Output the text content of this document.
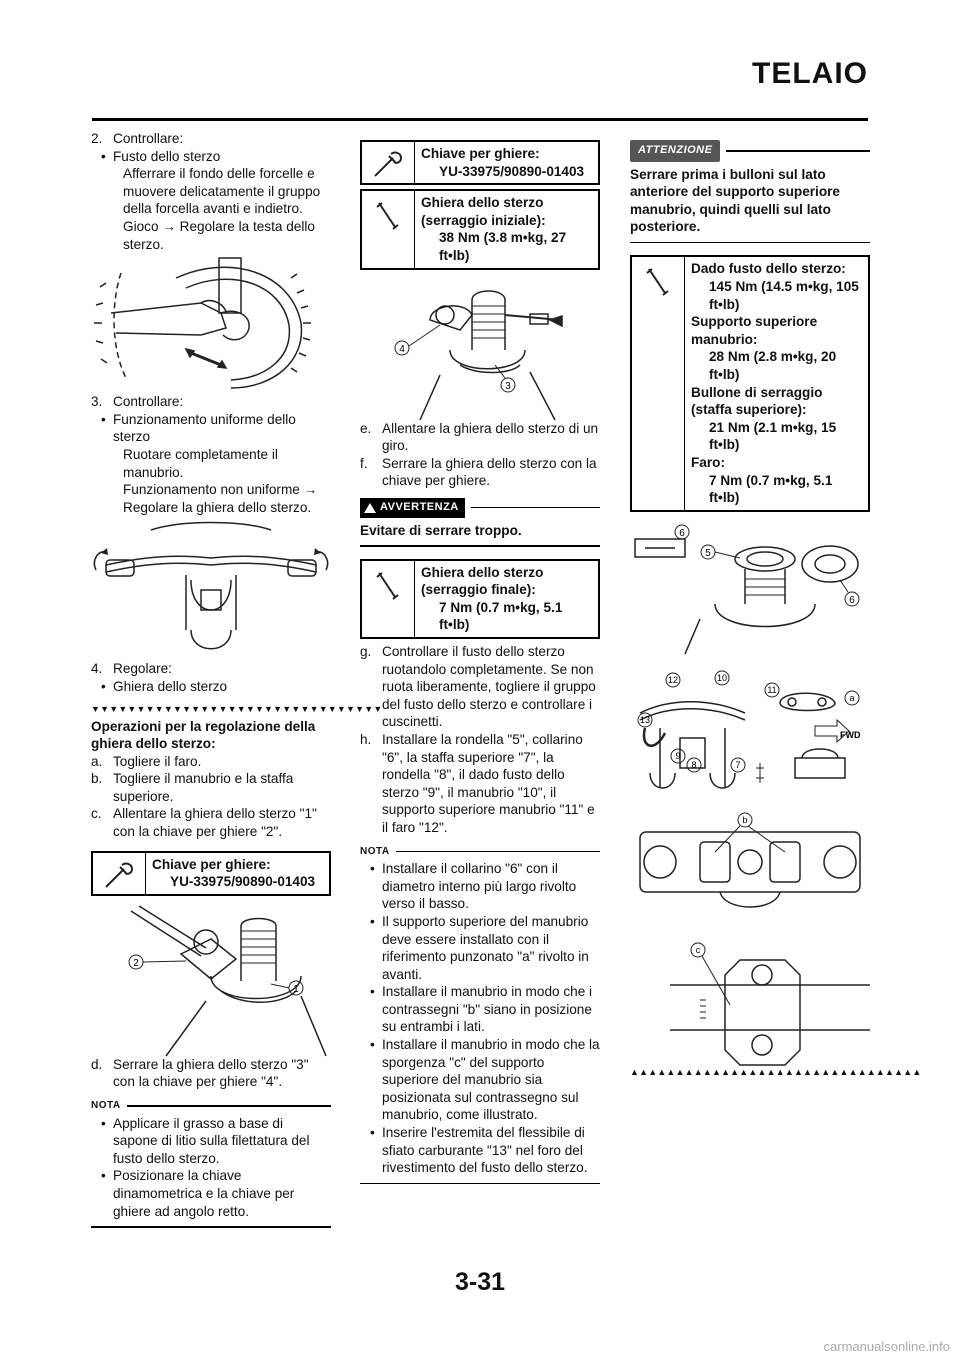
TELAIO
2. Controllare:
• Fusto dello sterzo

Afferrare il fondo delle forcelle e muovere delicatamente il gruppo della forcella avanti e indietro.

Gioco → Regolare la testa dello sterzo.

3. Controllare:
• Funzionamento uniforme dello sterzo

Ruotare completamente il manubrio.

Funzionamento non uniforme → Regolare la ghiera dello sterzo.

4. Regolare:
• Ghiera dello sterzo
▼▼▼▼▼▼▼▼▼▼▼▼▼▼▼▼▼▼▼▼▼▼▼▼▼▼▼▼▼▼▼▼

Operazioni per la regolazione della ghiera dello sterzo:

a. Togliere il faro.
b. Togliere il manubrio e la staffa superiore.
c. Allentare la ghiera dello sterzo "1" con la chiave per ghiere "2".

Chiave per ghiere:

YU-33975/90890-01403

2
1
d. Serrare la ghiera dello sterzo "3" con la chiave per ghiere "4".
NOTA
• Applicare il grasso a base di sapone di litio sulla filettatura del fusto dello sterzo.
• Posizionare la chiave dinamometrica e la chiave per ghiere ad angolo retto.

Chiave per ghiere:

YU-33975/90890-01403

Ghiera dello sterzo (serraggio iniziale):

38 Nm (3.8 m•kg, 27 ft•lb)

4
3
e. Allentare la ghiera dello sterzo di un giro.
f.	Serrare la ghiera dello sterzo con la chiave per ghiere.
AVVERTENZA

Evitare di serrare troppo.

Ghiera dello sterzo (serraggio finale):

7 Nm (0.7 m•kg, 5.1 ft•lb)

g. Controllare il fusto dello sterzo ruotandolo completamente. Se non ruota liberamente, togliere il gruppo del fusto dello sterzo e controllare i cuscinetti.
h. Installare la rondella "5", collarino "6", la staffa superiore "7", la rondella "8", il dado fusto dello sterzo "9", il manubrio "10", il supporto superiore manubrio "11" e il faro "12".
NOTA
• Installare il collarino "6" con il diametro interno più largo rivolto verso il basso.
• Il supporto superiore del manubrio deve essere installato con il riferimento punzonato "a" rivolto in avanti.
• Installare il manubrio in modo che i contrassegni "b" siano in posizione su entrambi i lati.
• Installare il manubrio in modo che la sporgenza "c" del supporto superiore del manubrio sia posizionata sul contrassegno sul manubrio, come illustrato.
• Inserire l'estremita del flessibile di sfiato carburante "13" nel foro del rivestimento del fusto dello sterzo.
ATTENZIONE

Serrare prima i bulloni sul lato anteriore del supporto superiore manubrio, quindi quelli sul lato posteriore.

Dado fusto dello sterzo:

145 Nm (14.5 m•kg, 105 ft•lb)

Supporto superiore manubrio:

28 Nm (2.8 m•kg, 20 ft•lb)

Bullone di serraggio (staffa superiore):

21 Nm (2.1 m•kg, 15 ft•lb)

Faro:

7 Nm (0.7 m•kg, 5.1 ft•lb)

6
5
6
FWD
12	10
11
a
13
9
8	7
b
c
▲▲▲▲▲▲▲▲▲▲▲▲▲▲▲▲▲▲▲▲▲▲▲▲▲▲▲▲▲▲▲▲
3-31
carmanualsonline.info
